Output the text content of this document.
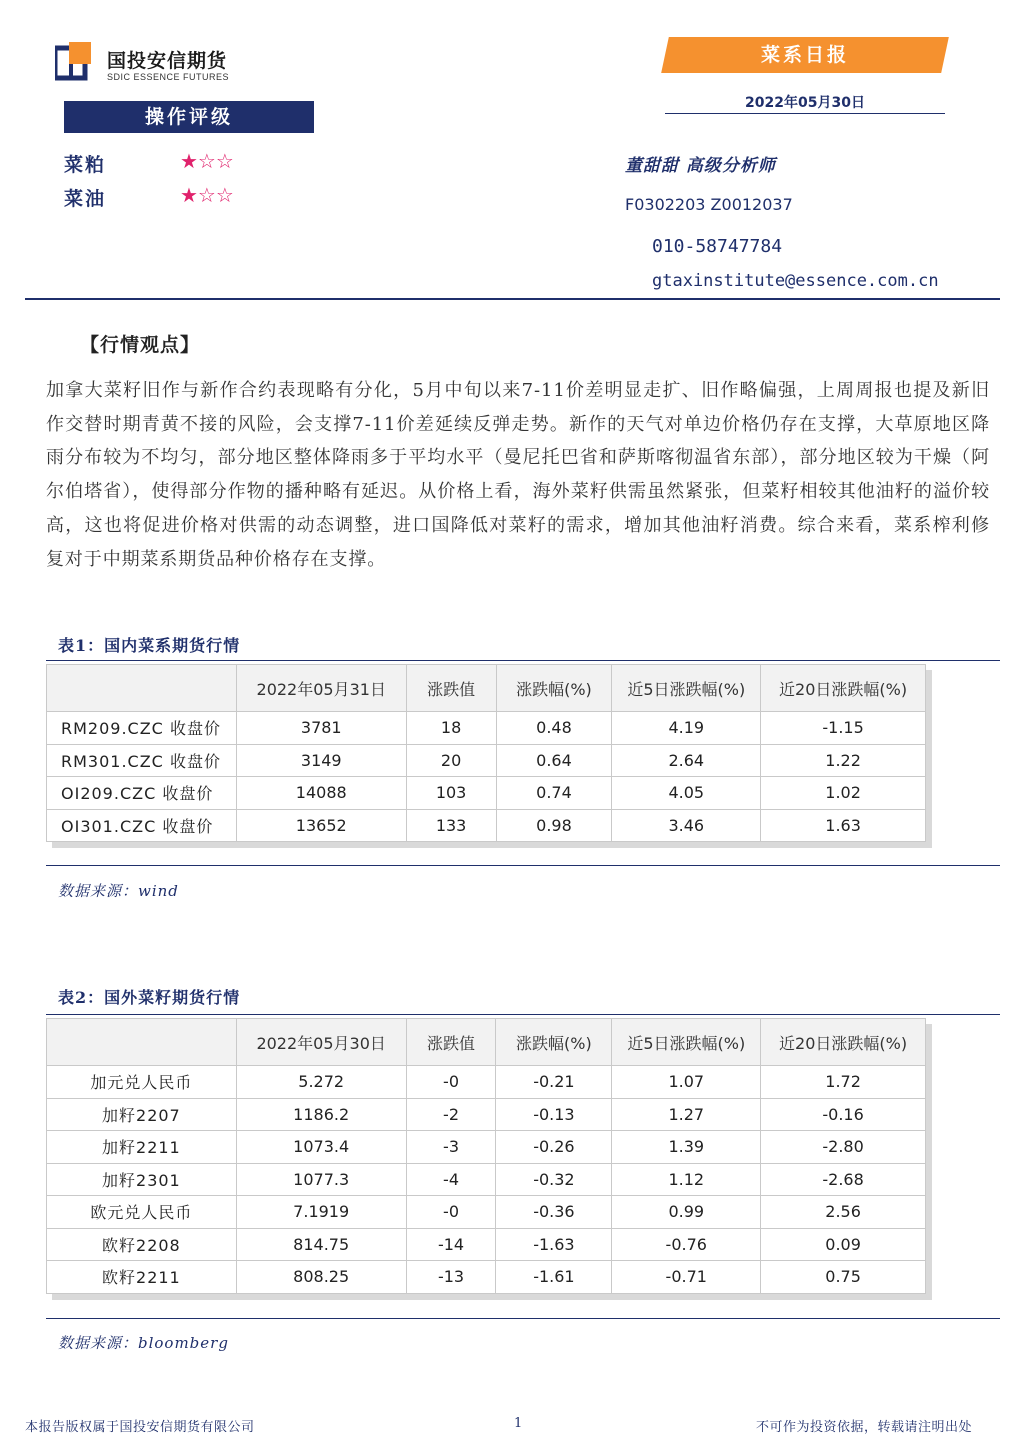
国投安信期货
SDIC ESSENCE FUTURES
菜系日报
2022年05月30日
操作评级
菜粕	★☆☆
菜油	★☆☆
董甜甜 高级分析师
F0302203 Z0012037
010-58747784
gtaxinstitute@essence.com.cn
【行情观点】
加拿大菜籽旧作与新作合约表现略有分化，5月中旬以来7-11价差明显走扩、旧作略偏强，上周周报也提及新旧作交替时期青黄不接的风险，会支撑7-11价差延续反弹走势。新作的天气对单边价格仍存在支撑，大草原地区降雨分布较为不均匀，部分地区整体降雨多于平均水平（曼尼托巴省和萨斯喀彻温省东部），部分地区较为干燥（阿尔伯塔省），使得部分作物的播种略有延迟。从价格上看，海外菜籽供需虽然紧张，但菜籽相较其他油籽的溢价较高，这也将促进价格对供需的动态调整，进口国降低对菜籽的需求，增加其他油籽消费。综合来看，菜系榨利修复对于中期菜系期货品种价格存在支撑。
表1：国内菜系期货行情
	2022年05月31日	涨跌值	涨跌幅(%)	近5日涨跌幅(%)	近20日涨跌幅(%)
RM209.CZC 收盘价	3781	18	0.48	4.19	-1.15
RM301.CZC 收盘价	3149	20	0.64	2.64	1.22
OI209.CZC 收盘价	14088	103	0.74	4.05	1.02
OI301.CZC 收盘价	13652	133	0.98	3.46	1.63
数据来源：wind
表2：国外菜籽期货行情
	2022年05月30日	涨跌值	涨跌幅(%)	近5日涨跌幅(%)	近20日涨跌幅(%)
加元兑人民币	5.272	-0	-0.21	1.07	1.72
加籽2207	1186.2	-2	-0.13	1.27	-0.16
加籽2211	1073.4	-3	-0.26	1.39	-2.80
加籽2301	1077.3	-4	-0.32	1.12	-2.68
欧元兑人民币	7.1919	-0	-0.36	0.99	2.56
欧籽2208	814.75	-14	-1.63	-0.76	0.09
欧籽2211	808.25	-13	-1.61	-0.71	0.75
数据来源：bloomberg
本报告版权属于国投安信期货有限公司	1	不可作为投资依据，转载请注明出处
